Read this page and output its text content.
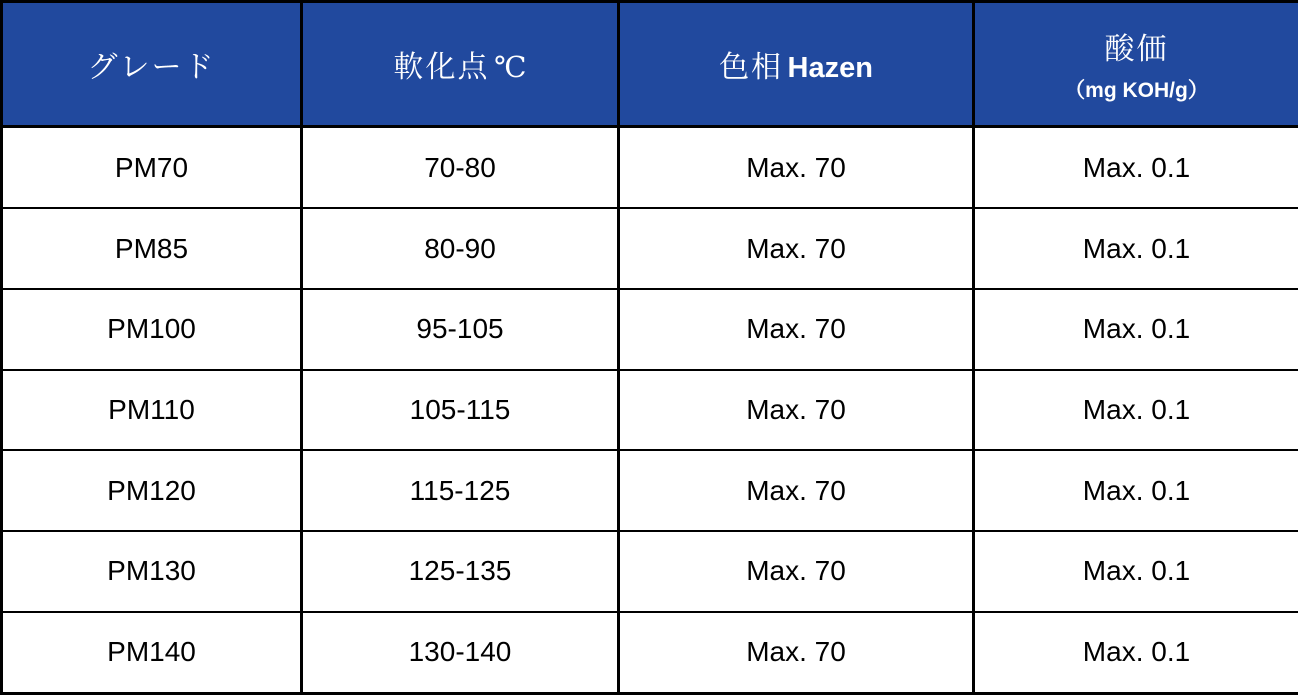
グレード	軟化点 ℃	色相 Hazen	酸価
（mg KOH/g）

PM70	70-80	Max. 70	Max. 0.1
PM85	80-90	Max. 70	Max. 0.1
PM100	95-105	Max. 70	Max. 0.1
PM110	105-115	Max. 70	Max. 0.1
PM120	115-125	Max. 70	Max. 0.1
PM130	125-135	Max. 70	Max. 0.1
PM140	130-140	Max. 70	Max. 0.1
